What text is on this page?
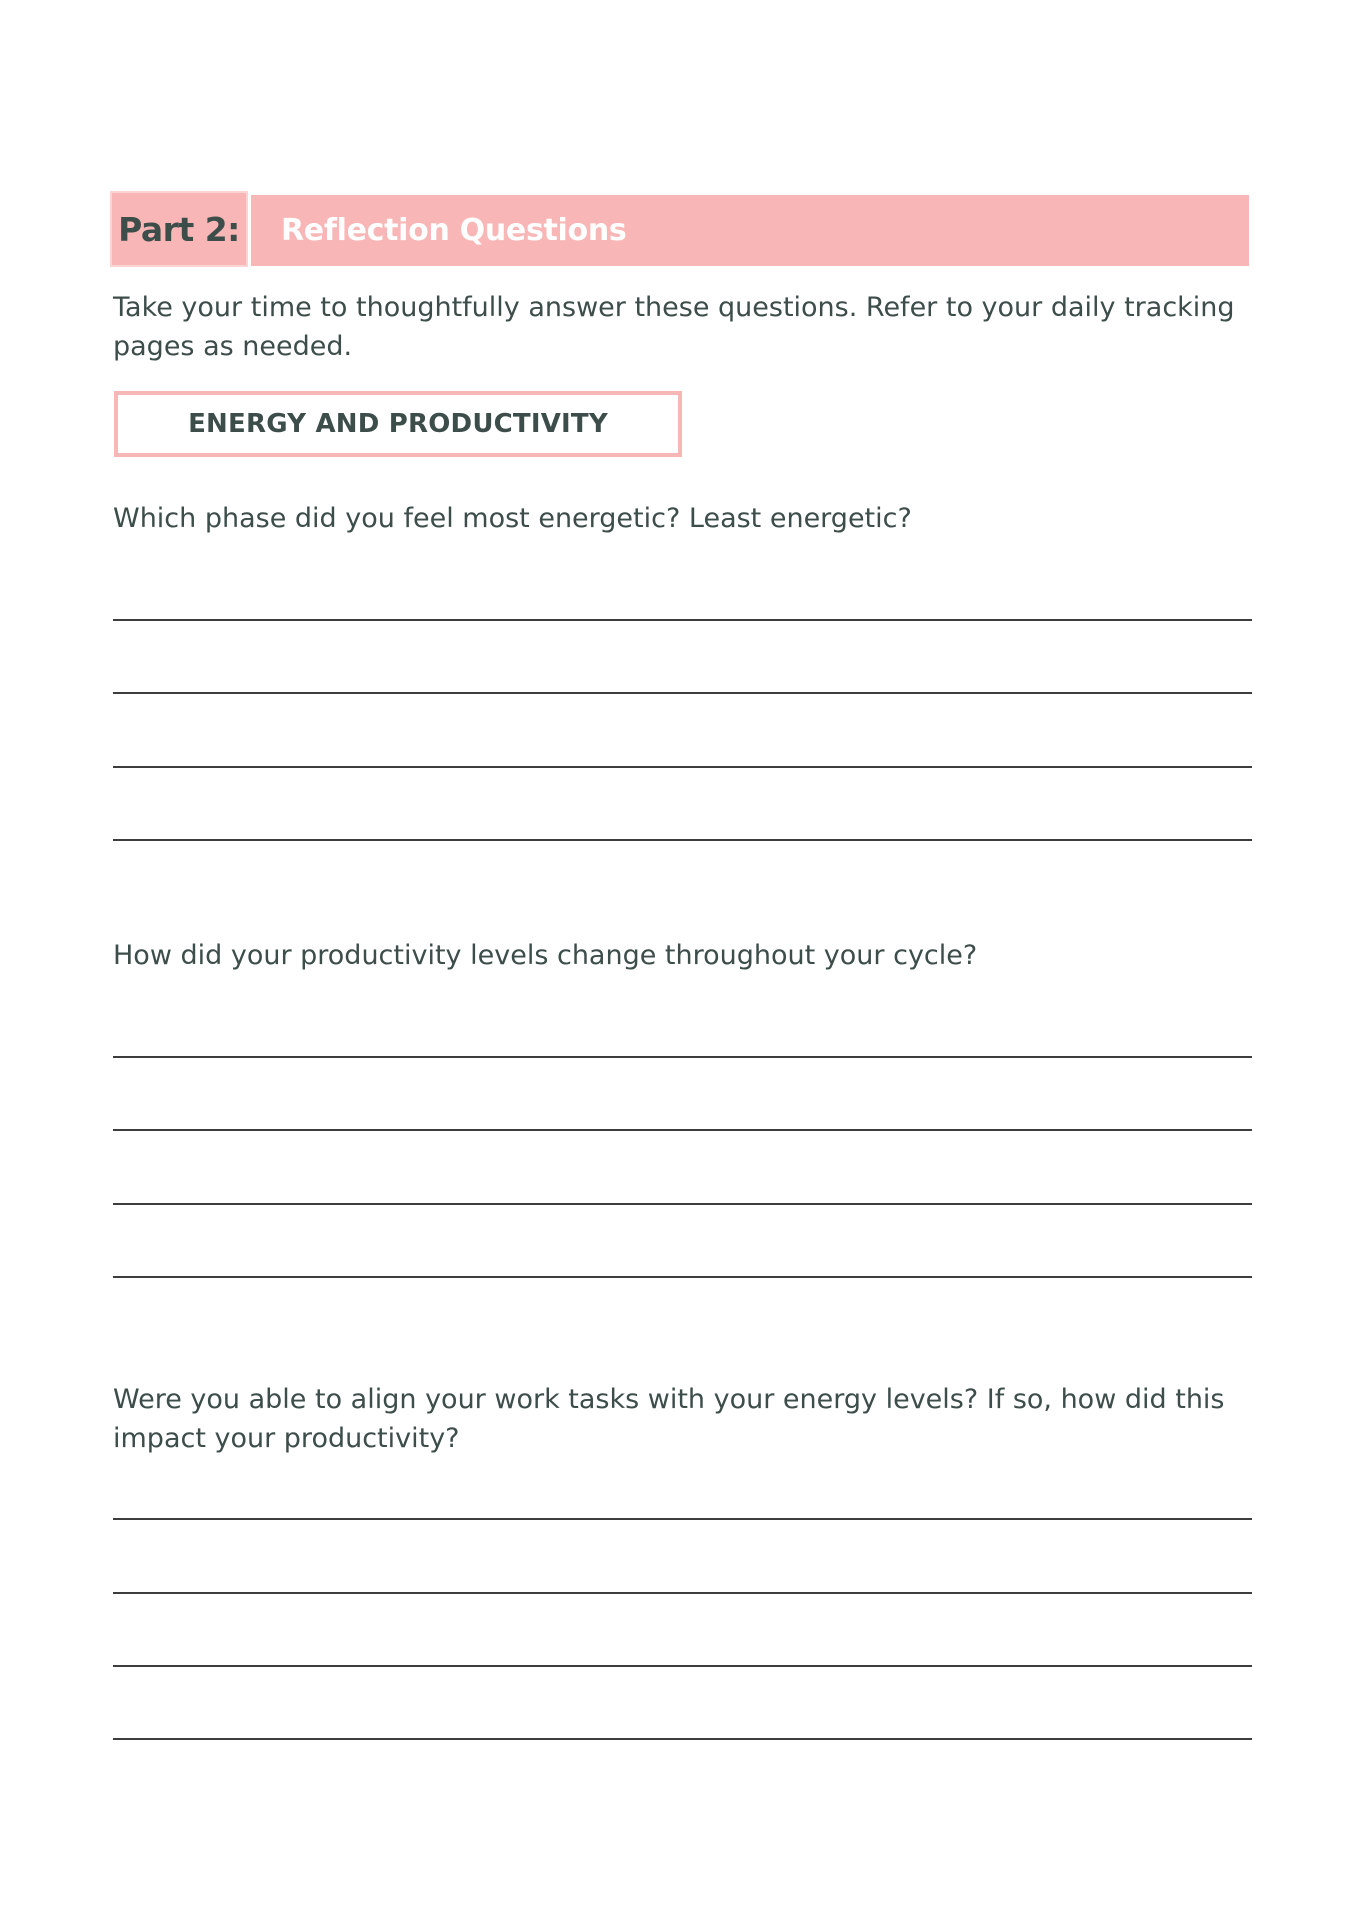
Part 2: Reflection Questions
Take your time to thoughtfully answer these questions. Refer to your daily tracking pages as needed.
ENERGY AND PRODUCTIVITY
Which phase did you feel most energetic? Least energetic?
How did your productivity levels change throughout your cycle?
Were you able to align your work tasks with your energy levels? If so, how did this impact your productivity?
